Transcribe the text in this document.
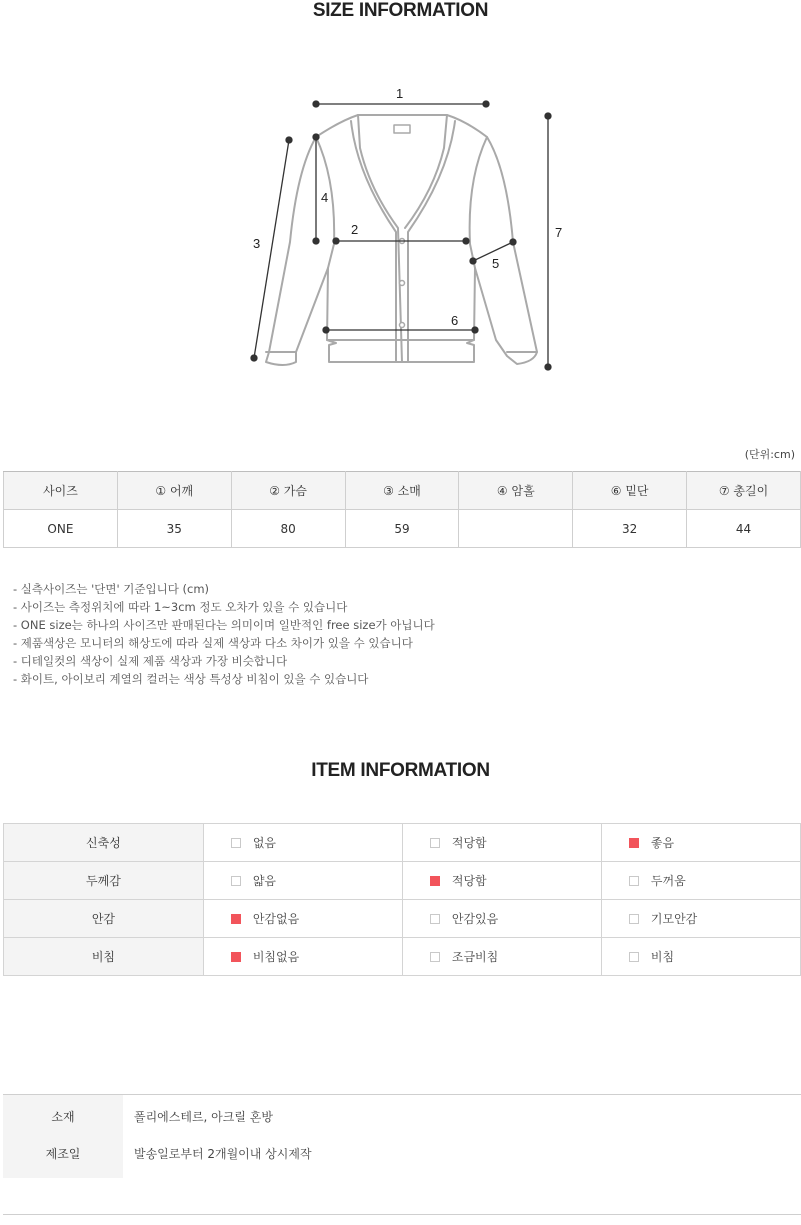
SIZE INFORMATION
1
2
3
4
5
6
7
(단위:cm)
사이즈	① 어깨	② 가슴	③ 소매	④ 암홀	⑥ 밑단	⑦ 총길이
ONE	35	80	59		32	44
- 실측사이즈는 '단면' 기준입니다 (cm)
- 사이즈는 측정위치에 따라 1~3cm 정도 오차가 있을 수 있습니다
- ONE size는 하나의 사이즈만 판매된다는 의미이며 일반적인 free size가 아닙니다
- 제품색상은 모니터의 해상도에 따라 실제 색상과 다소 차이가 있을 수 있습니다
- 디테일컷의 색상이 실제 제품 색상과 가장 비슷합니다
- 화이트, 아이보리 계열의 컬러는 색상 특성상 비침이 있을 수 있습니다
ITEM INFORMATION
신축성	없음	적당함	좋음
두께감	얇음	적당함	두꺼움
안감	안감없음	안감있음	기모안감
비침	비침없음	조금비침	비침
소재	폴리에스테르, 아크릴 혼방
제조일	발송일로부터 2개월이내 상시제작
